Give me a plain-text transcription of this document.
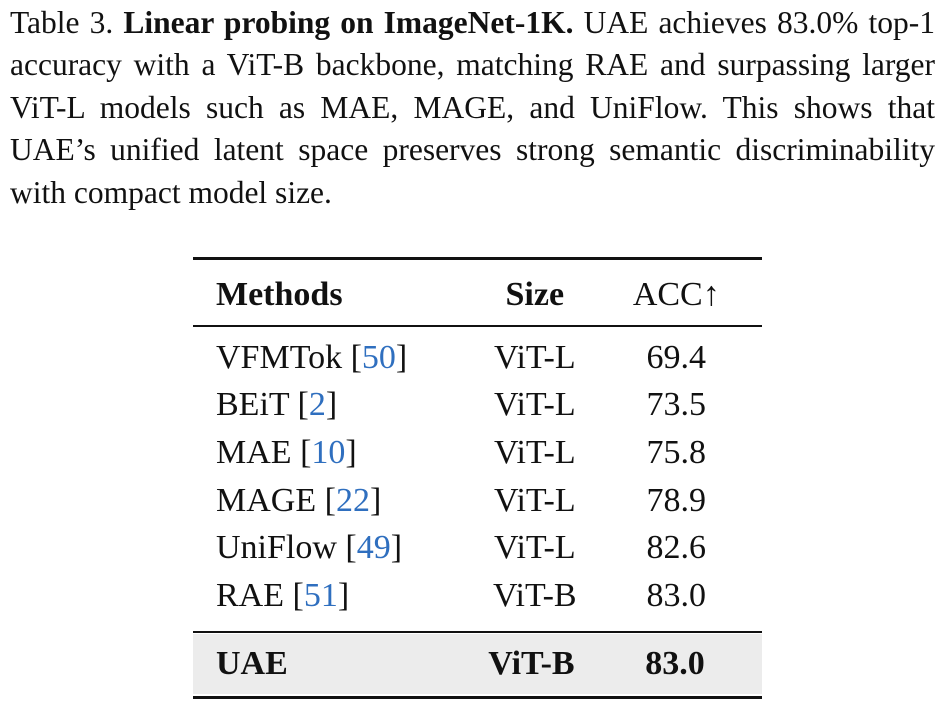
Table 3. Linear probing on ImageNet-1K. UAE achieves 83.0% top-1 accuracy with a ViT-B backbone, matching RAE and surpassing larger ViT-L models such as MAE, MAGE, and UniFlow. This shows that UAE’s unified latent space preserves strong semantic discriminability with compact model size.
Methods	Size	ACC↑

VFMTok [50]	ViT-L	69.4
BEiT [2]	ViT-L	73.5
MAE [10]	ViT-L	75.8
MAGE [22]	ViT-L	78.9
UniFlow [49]	ViT-L	82.6
RAE [51]	ViT-B	83.0
UAE	ViT-B	83.0
